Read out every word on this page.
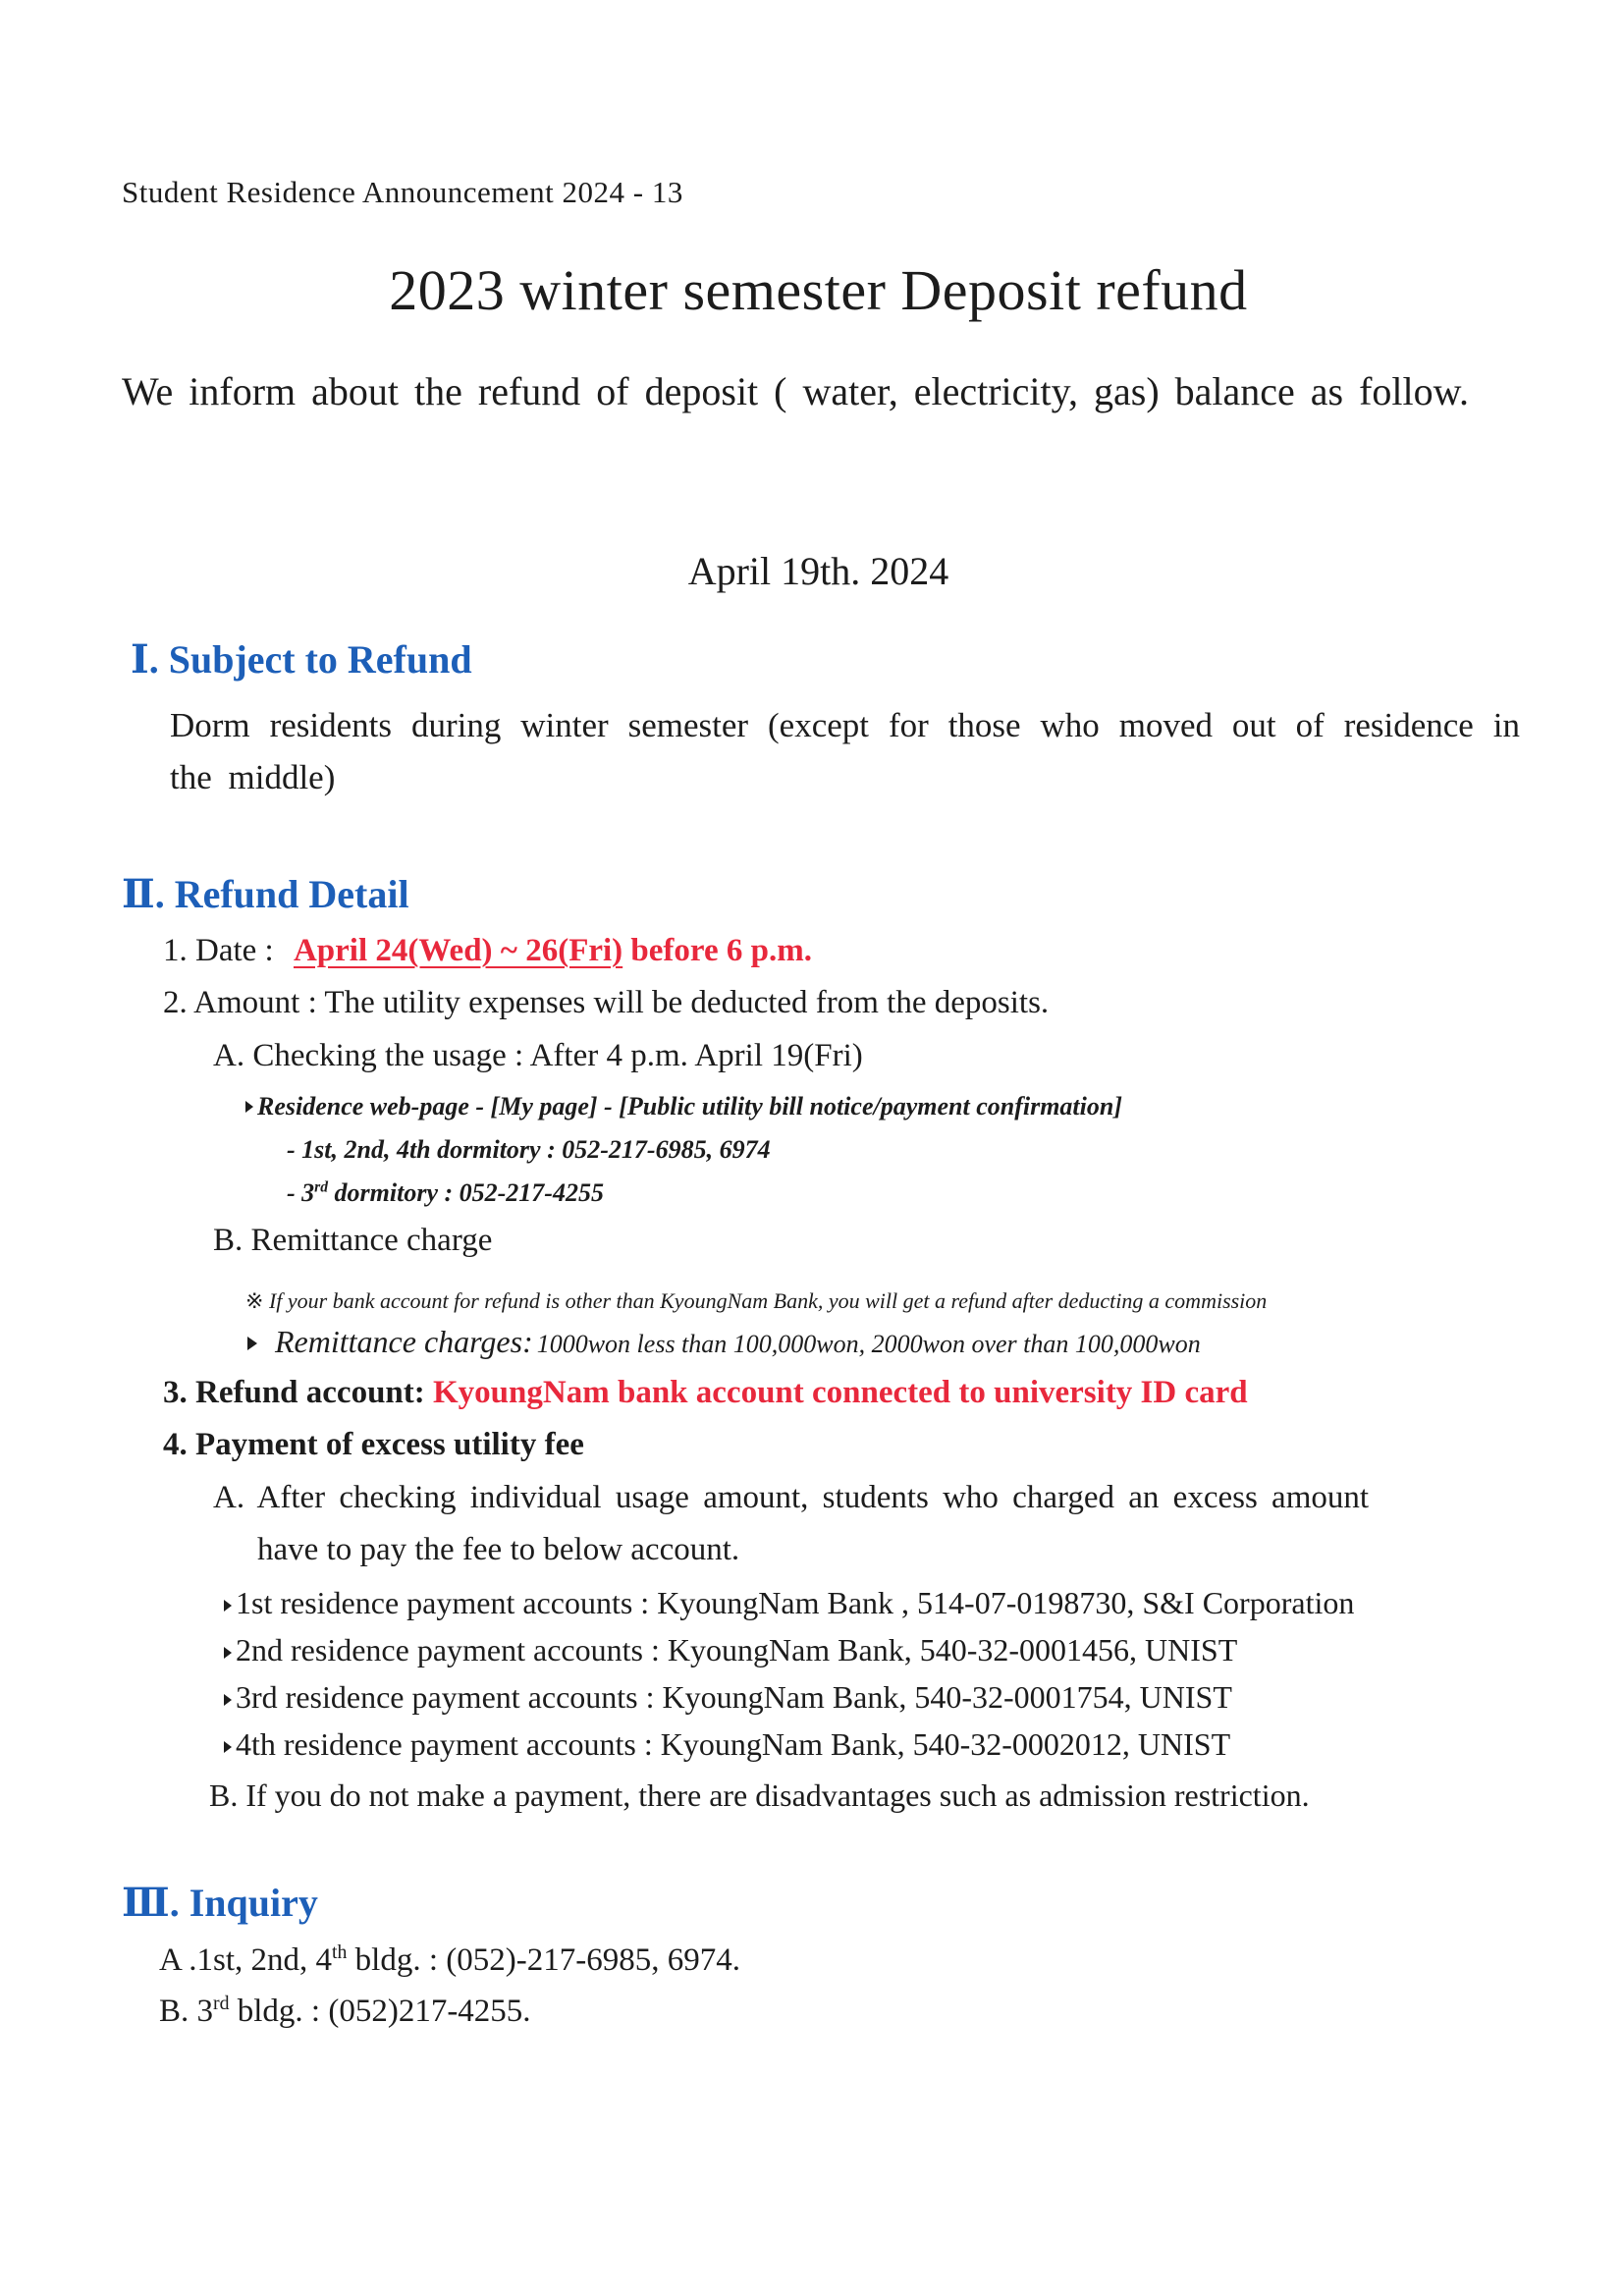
Student Residence Announcement 2024 - 13
2023 winter semester Deposit refund
We inform about the refund of deposit ( water, electricity, gas) balance as follow.
April 19th. 2024
Ⅰ. Subject to Refund
Dorm residents during winter semester (except for those who moved out of residence in the middle)
Ⅱ. Refund Detail
1. Date : April 24(Wed) ~ 26(Fri) before 6 p.m.
2. Amount : The utility expenses will be deducted from the deposits.
A. Checking the usage : After 4 p.m. April 19(Fri)
Residence web-page - [My page] - [Public utility bill notice/payment confirmation]
- 1st, 2nd, 4th dormitory : 052-217-6985, 6974
- 3rd dormitory : 052-217-4255
B. Remittance charge
※ If your bank account for refund is other than KyoungNam Bank, you will get a refund after deducting a commission
Remittance charges: 1000won less than 100,000won, 2000won over than 100,000won
3. Refund account: KyoungNam bank account connected to university ID card
4. Payment of excess utility fee
A. After checking individual usage amount, students who charged an excess amount
have to pay the fee to below account.
1st residence payment accounts : KyoungNam Bank , 514-07-0198730, S&I Corporation
2nd residence payment accounts : KyoungNam Bank, 540-32-0001456, UNIST
3rd residence payment accounts : KyoungNam Bank, 540-32-0001754, UNIST
4th residence payment accounts : KyoungNam Bank, 540-32-0002012, UNIST
B. If you do not make a payment, there are disadvantages such as admission restriction.
Ⅲ. Inquiry
A .1st, 2nd, 4th bldg. : (052)-217-6985, 6974.
B. 3rd bldg. : (052)217-4255.
